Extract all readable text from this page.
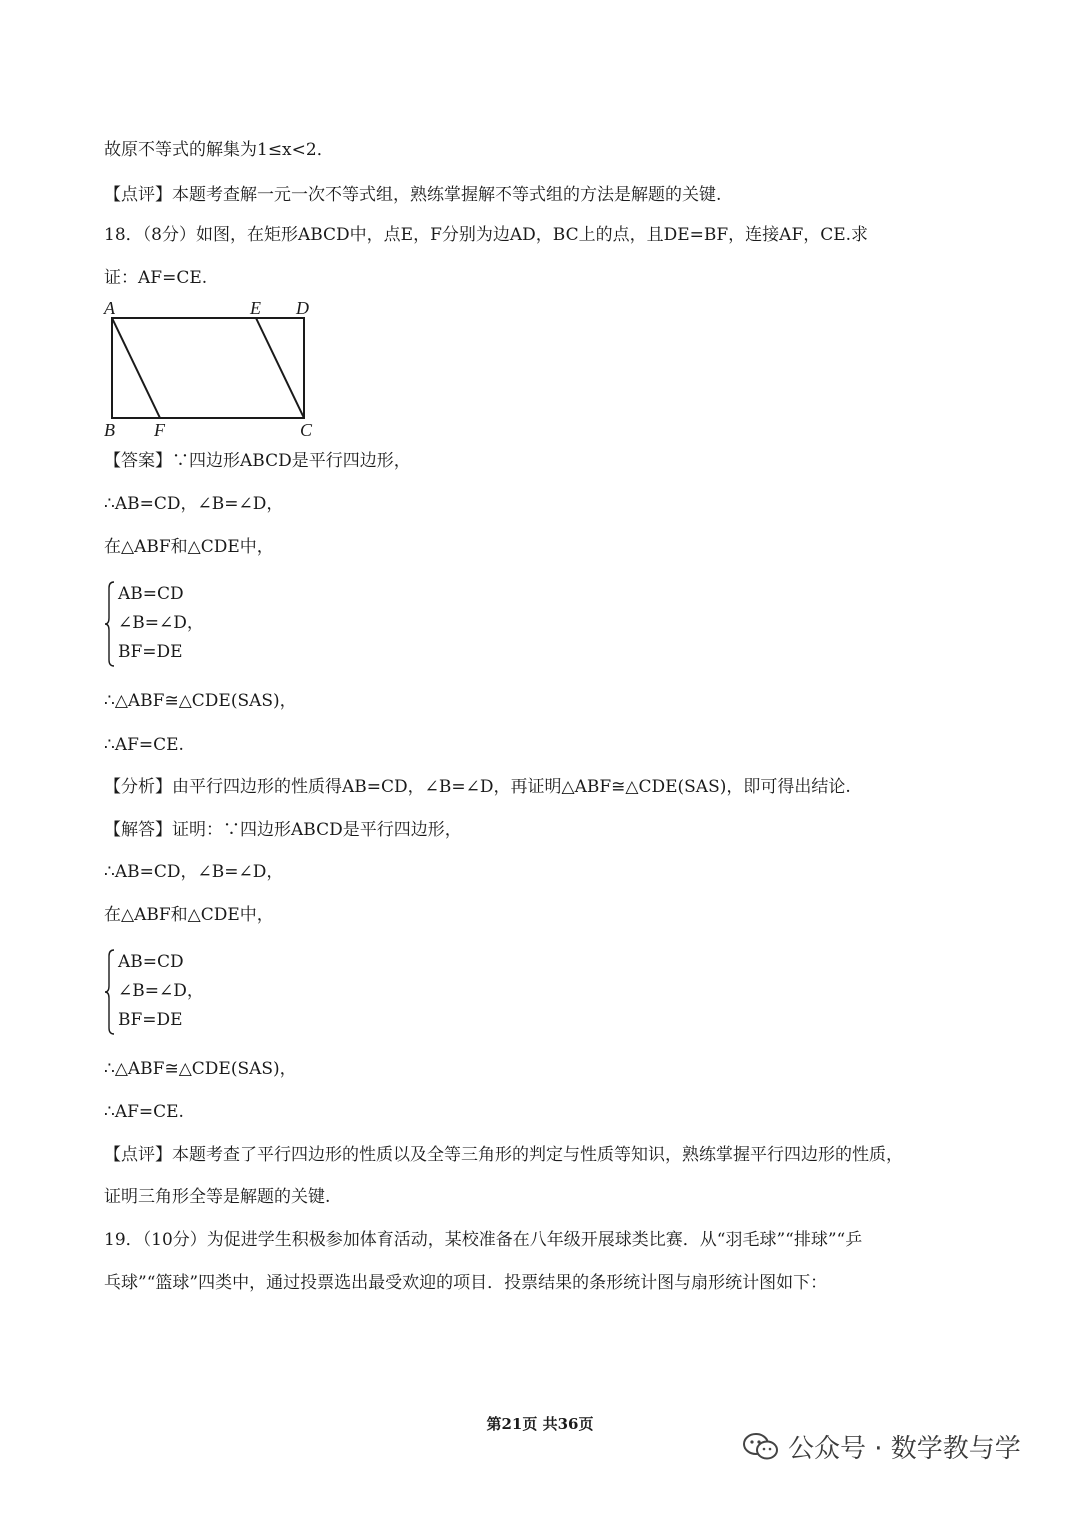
故原不等式的解集为1≤x<2．
【点评】本题考查解一元一次不等式组，熟练掌握解不等式组的方法是解题的关键.
18．（8分）如图，在矩形ABCD中，点E，F分别为边AD，BC上的点，且DE=BF，连接AF，CE.求
证：AF=CE.
A	E D
B F	C
【答案】∵四边形ABCD是平行四边形，
∴AB=CD，∠B=∠D，
在△ABF和△CDE中，
AB=CD
∠B=∠D，
BF=DE
∴△ABF≅△CDE(SAS)，
∴AF=CE.
【分析】由平行四边形的性质得AB=CD，∠B=∠D，再证明△ABF≅△CDE(SAS)，即可得出结论.
【解答】证明：∵四边形ABCD是平行四边形，
∴AB=CD，∠B=∠D，
在△ABF和△CDE中，
AB=CD
∠B=∠D，
BF=DE
∴△ABF≅△CDE(SAS)，
∴AF=CE.
【点评】本题考查了平行四边形的性质以及全等三角形的判定与性质等知识，熟练掌握平行四边形的性质，
证明三角形全等是解题的关键.
19．（10分）为促进学生积极参加体育活动，某校准备在八年级开展球类比赛．从“羽毛球”“排球”“乒
乓球”“篮球”四类中，通过投票选出最受欢迎的项目．投票结果的条形统计图与扇形统计图如下：
第21页 共36页
公众号 · 数学教与学
